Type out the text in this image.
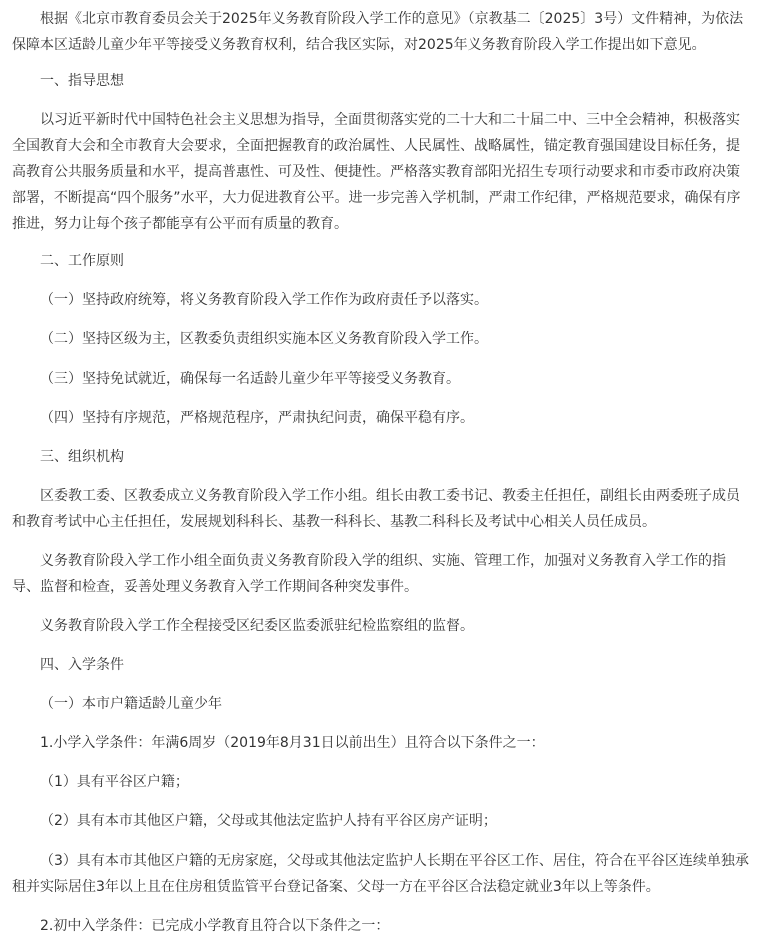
根据《北京市教育委员会关于2025年义务教育阶段入学工作的意见》（京教基二〔2025〕3号）文件精神，为依法保障本区适龄儿童少年平等接受义务教育权利，结合我区实际，对2025年义务教育阶段入学工作提出如下意见。

一、指导思想

以习近平新时代中国特色社会主义思想为指导，全面贯彻落实党的二十大和二十届二中、三中全会精神，积极落实全国教育大会和全市教育大会要求，全面把握教育的政治属性、人民属性、战略属性，锚定教育强国建设目标任务，提高教育公共服务质量和水平，提高普惠性、可及性、便捷性。严格落实教育部阳光招生专项行动要求和市委市政府决策部署，不断提高“四个服务”水平，大力促进教育公平。进一步完善入学机制，严肃工作纪律，严格规范要求，确保有序推进，努力让每个孩子都能享有公平而有质量的教育。

二、工作原则

（一）坚持政府统筹，将义务教育阶段入学工作作为政府责任予以落实。

（二）坚持区级为主，区教委负责组织实施本区义务教育阶段入学工作。

（三）坚持免试就近，确保每一名适龄儿童少年平等接受义务教育。

（四）坚持有序规范，严格规范程序，严肃执纪问责，确保平稳有序。

三、组织机构

区委教工委、区教委成立义务教育阶段入学工作小组。组长由教工委书记、教委主任担任，副组长由两委班子成员和教育考试中心主任担任，发展规划科科长、基教一科科长、基教二科科长及考试中心相关人员任成员。

义务教育阶段入学工作小组全面负责义务教育阶段入学的组织、实施、管理工作，加强对义务教育入学工作的指导、监督和检查，妥善处理义务教育入学工作期间各种突发事件。

义务教育阶段入学工作全程接受区纪委区监委派驻纪检监察组的监督。

四、入学条件

（一）本市户籍适龄儿童少年

1.小学入学条件：年满6周岁（2019年8月31日以前出生）且符合以下条件之一：

（1）具有平谷区户籍；

（2）具有本市其他区户籍，父母或其他法定监护人持有平谷区房产证明；

（3）具有本市其他区户籍的无房家庭，父母或其他法定监护人长期在平谷区工作、居住，符合在平谷区连续单独承租并实际居住3年以上且在住房租赁监管平台登记备案、父母一方在平谷区合法稳定就业3年以上等条件。

2.初中入学条件：已完成小学教育且符合以下条件之一：
